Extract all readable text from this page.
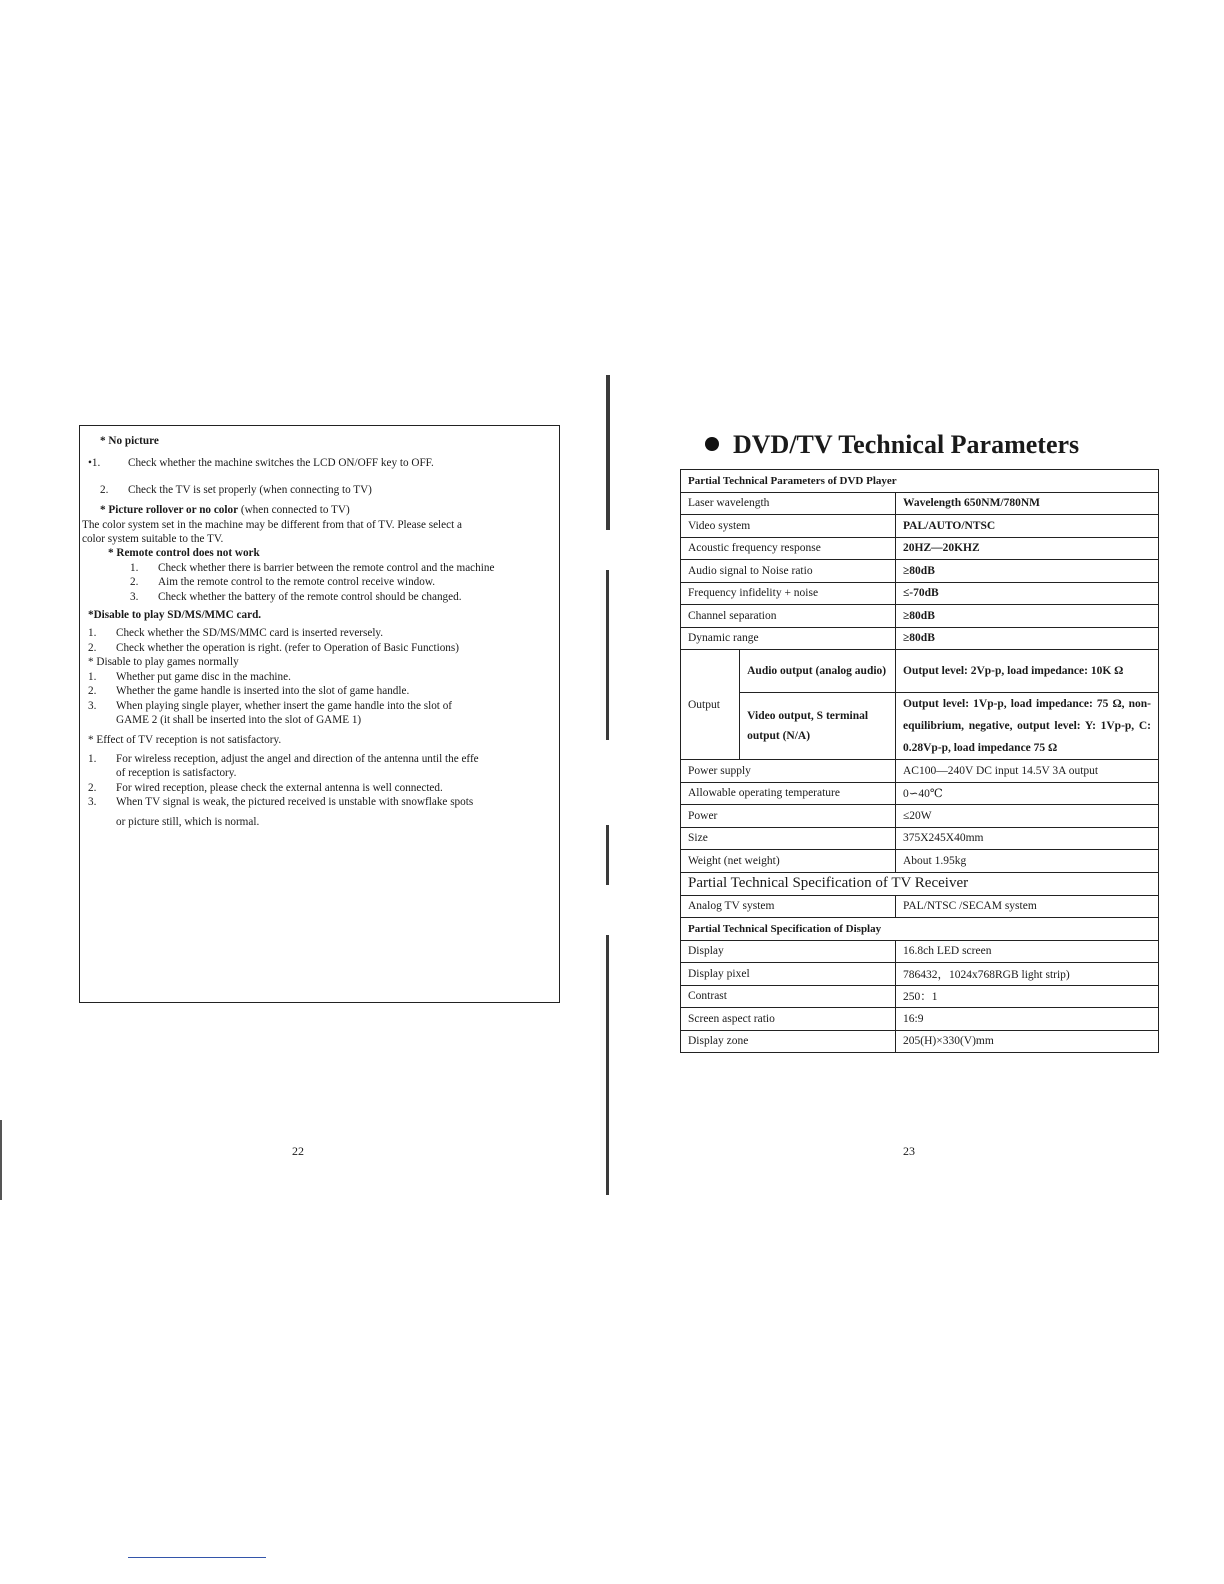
* No picture
•1.	Check whether the machine switches the LCD ON/OFF key to OFF.
2.	Check the TV is set properly (when connecting to TV)
* Picture rollover or no color (when connected to TV)
The color system set in the machine may be different from that of TV. Please select a
color system suitable to the TV.
* Remote control does not work
1.	Check whether there is barrier between the remote control and the machine
2.	Aim the remote control to the remote control receive window.
3.	Check whether the battery of the remote control should be changed.
*Disable to play SD/MS/MMC card.
1.	Check whether the SD/MS/MMC card is inserted reversely.
2.	Check whether the operation is right. (refer to Operation of Basic Functions)
* Disable to play games normally
1.	Whether put game disc in the machine.
2.	Whether the game handle is inserted into the slot of game handle.
3.	When playing single player, whether insert the game handle into the slot of
GAME 2 (it shall be inserted into the slot of GAME 1)
* Effect of TV reception is not satisfactory.
1.	For wireless reception, adjust the angel and direction of the antenna until the effe
of reception is satisfactory.
2.	For wired reception, please check the external antenna is well connected.
3.	When TV signal is weak, the pictured received is unstable with snowflake spots
or picture still, which is normal.
22
DVD/TV Technical Parameters
Partial Technical Parameters of DVD Player		
Laser wavelength		Wavelength 650NM/780NM
Video system		PAL/AUTO/NTSC
Acoustic frequency response		20HZ—20KHZ
Audio signal to Noise ratio		≥80dB
Frequency infidelity + noise		≤-70dB
Channel separation		≥80dB
Dynamic range		≥80dB
Output	Audio output (analog audio)	Output level: 2Vp-p, load impedance: 10K Ω
	Video output, S terminal output (N/A)	Output level: 1Vp-p, load impedance: 75 Ω, non-equilibrium, negative, output level: Y: 1Vp-p, C: 0.28Vp-p, load impedance 75 Ω
Power supply		AC100—240V DC input 14.5V 3A output
Allowable operating temperature		0∽40℃
Power		≤20W
Size		375X245X40mm
Weight (net weight)		About 1.95kg
Partial Technical Specification of TV Receiver		
Analog TV system		PAL/NTSC /SECAM system
Partial Technical Specification of Display		
Display		16.8ch LED screen
Display pixel		786432，1024x768RGB light strip)
Contrast		250：1
Screen aspect ratio		16:9
Display zone		205(H)×330(V)mm
23
